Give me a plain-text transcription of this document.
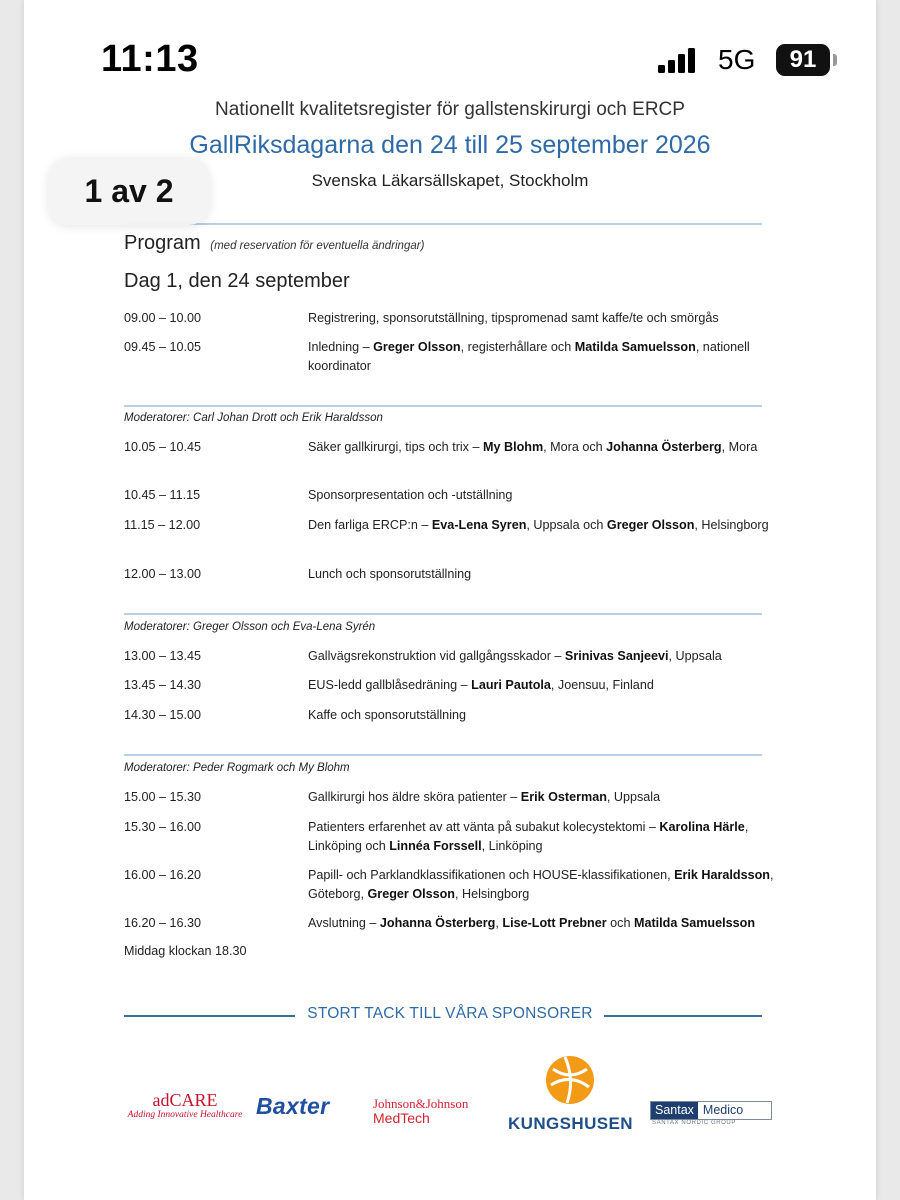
11:13	5G	91
Nationellt kvalitetsregister för gallstenskirurgi och ERCP
GallRiksdagarna den 24 till 25 september 2026
Svenska Läkarsällskapet, Stockholm
Program (med reservation för eventuella ändringar)
Dag 1, den 24 september
09.00 – 10.00	Registrering, sponsorutställning, tipspromenad samt kaffe/te och smörgås
09.45 – 10.05	Inledning – Greger Olsson, registerhållare och Matilda Samuelsson, nationell koordinator
Moderatorer: Carl Johan Drott och Erik Haraldsson
10.05 – 10.45	Säker gallkirurgi, tips och trix – My Blohm, Mora och Johanna Österberg, Mora
10.45 – 11.15	Sponsorpresentation och -utställning
11.15 – 12.00	Den farliga ERCP:n – Eva-Lena Syren, Uppsala och Greger Olsson, Helsingborg
12.00 – 13.00	Lunch och sponsorutställning
Moderatorer: Greger Olsson och Eva-Lena Syrén
13.00 – 13.45	Gallvägsrekonstruktion vid gallgångsskador – Srinivas Sanjeevi, Uppsala
13.45 – 14.30	EUS-ledd gallblåsedräning – Lauri Pautola, Joensuu, Finland
14.30 – 15.00	Kaffe och sponsorutställning
Moderatorer: Peder Rogmark och My Blohm
15.00 – 15.30	Gallkirurgi hos äldre sköra patienter – Erik Osterman, Uppsala
15.30 – 16.00	Patienters erfarenhet av att vänta på subakut kolecystektomi – Karolina Härle, Linköping och Linnéa Forssell, Linköping
16.00 – 16.20	Papill- och Parklandklassifikationen och HOUSE-klassifikationen, Erik Haraldsson, Göteborg, Greger Olsson, Helsingborg
16.20 – 16.30	Avslutning – Johanna Österberg, Lise-Lott Prebner och Matilda Samuelsson
Middag klockan 18.30
STORT TACK TILL VÅRA SPONSORER
adCARE
Adding Innovative Healthcare Baxter	Johnson&Johnson
MedTech	KUNGSHUSEN
Santax Medico
SANTAX NORDIC GROUP
1 av 2
